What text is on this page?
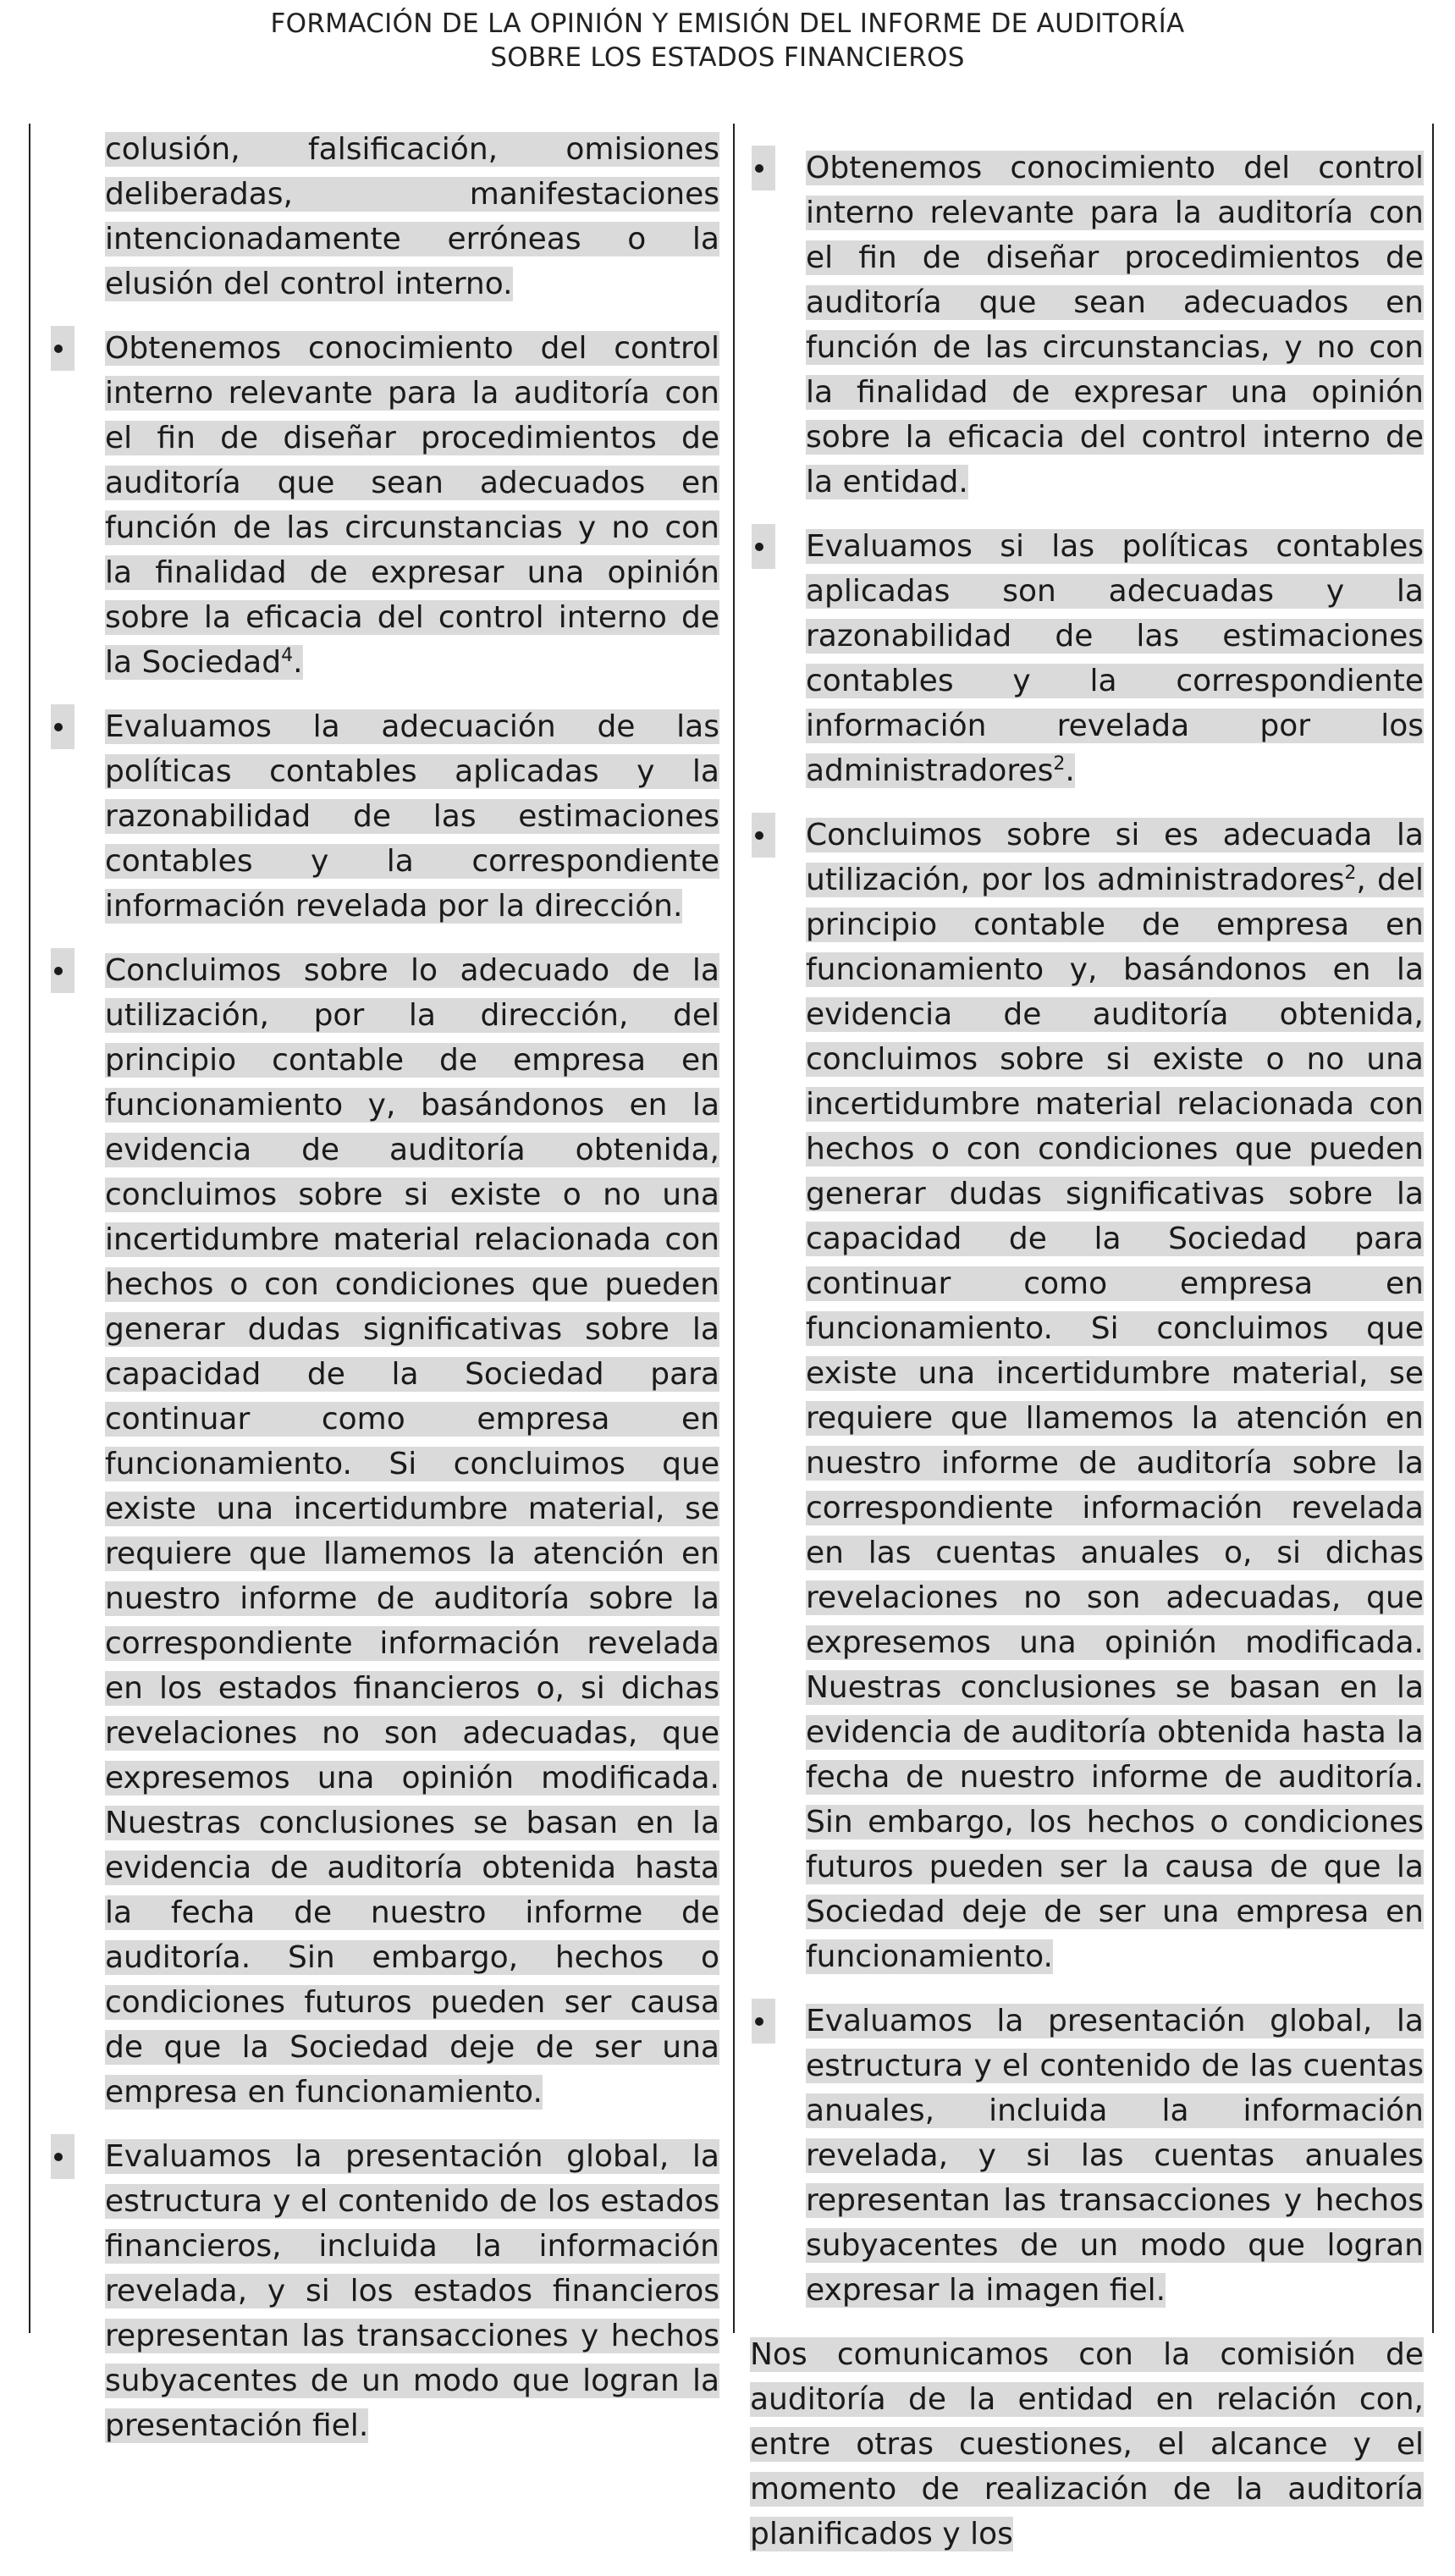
FORMACIÓN DE LA OPINIÓN Y EMISIÓN DEL INFORME DE AUDITORÍA
SOBRE LOS ESTADOS FINANCIEROS
colusión, falsificación, omisiones deliberadas, manifestaciones intencionadamente erróneas o la elusión del control interno.
Obtenemos conocimiento del control interno relevante para la auditoría con el fin de diseñar procedimientos de auditoría que sean adecuados en función de las circunstancias y no con la finalidad de expresar una opinión sobre la eficacia del control interno de la Sociedad$^4$.
Evaluamos la adecuación de las políticas contables aplicadas y la razonabilidad de las estimaciones contables y la correspondiente información revelada por la dirección.
Concluimos sobre lo adecuado de la utilización, por la dirección, del principio contable de empresa en funcionamiento y, basándonos en la evidencia de auditoría obtenida, concluimos sobre si existe o no una incertidumbre material relacionada con hechos o con condiciones que pueden generar dudas significativas sobre la capacidad de la Sociedad para continuar como empresa en funcionamiento. Si concluimos que existe una incertidumbre material, se requiere que llamemos la atención en nuestro informe de auditoría sobre la correspondiente información revelada en los estados financieros o, si dichas revelaciones no son adecuadas, que expresemos una opinión modificada. Nuestras conclusiones se basan en la evidencia de auditoría obtenida hasta la fecha de nuestro informe de auditoría. Sin embargo, hechos o condiciones futuros pueden ser causa de que la Sociedad deje de ser una empresa en funcionamiento.
Evaluamos la presentación global, la estructura y el contenido de los estados financieros, incluida la información revelada, y si los estados financieros representan las transacciones y hechos subyacentes de un modo que logran la presentación fiel.
Obtenemos conocimiento del control interno relevante para la auditoría con el fin de diseñar procedimientos de auditoría que sean adecuados en función de las circunstancias, y no con la finalidad de expresar una opinión sobre la eficacia del control interno de la entidad.
Evaluamos si las políticas contables aplicadas son adecuadas y la razonabilidad de las estimaciones contables y la correspondiente información revelada por los administradores$^2$.
Concluimos sobre si es adecuada la utilización, por los administradores$^2$, del principio contable de empresa en funcionamiento y, basándonos en la evidencia de auditoría obtenida, concluimos sobre si existe o no una incertidumbre material relacionada con hechos o con condiciones que pueden generar dudas significativas sobre la capacidad de la Sociedad para continuar como empresa en funcionamiento. Si concluimos que existe una incertidumbre material, se requiere que llamemos la atención en nuestro informe de auditoría sobre la correspondiente información revelada en las cuentas anuales o, si dichas revelaciones no son adecuadas, que expresemos una opinión modificada. Nuestras conclusiones se basan en la evidencia de auditoría obtenida hasta la fecha de nuestro informe de auditoría. Sin embargo, los hechos o condiciones futuros pueden ser la causa de que la Sociedad deje de ser una empresa en funcionamiento.
Evaluamos la presentación global, la estructura y el contenido de las cuentas anuales, incluida la información revelada, y si las cuentas anuales representan las transacciones y hechos subyacentes de un modo que logran expresar la imagen fiel.
Nos comunicamos con la comisión de auditoría de la entidad en relación con, entre otras cuestiones, el alcance y el momento de realización de la auditoría planificados y los
